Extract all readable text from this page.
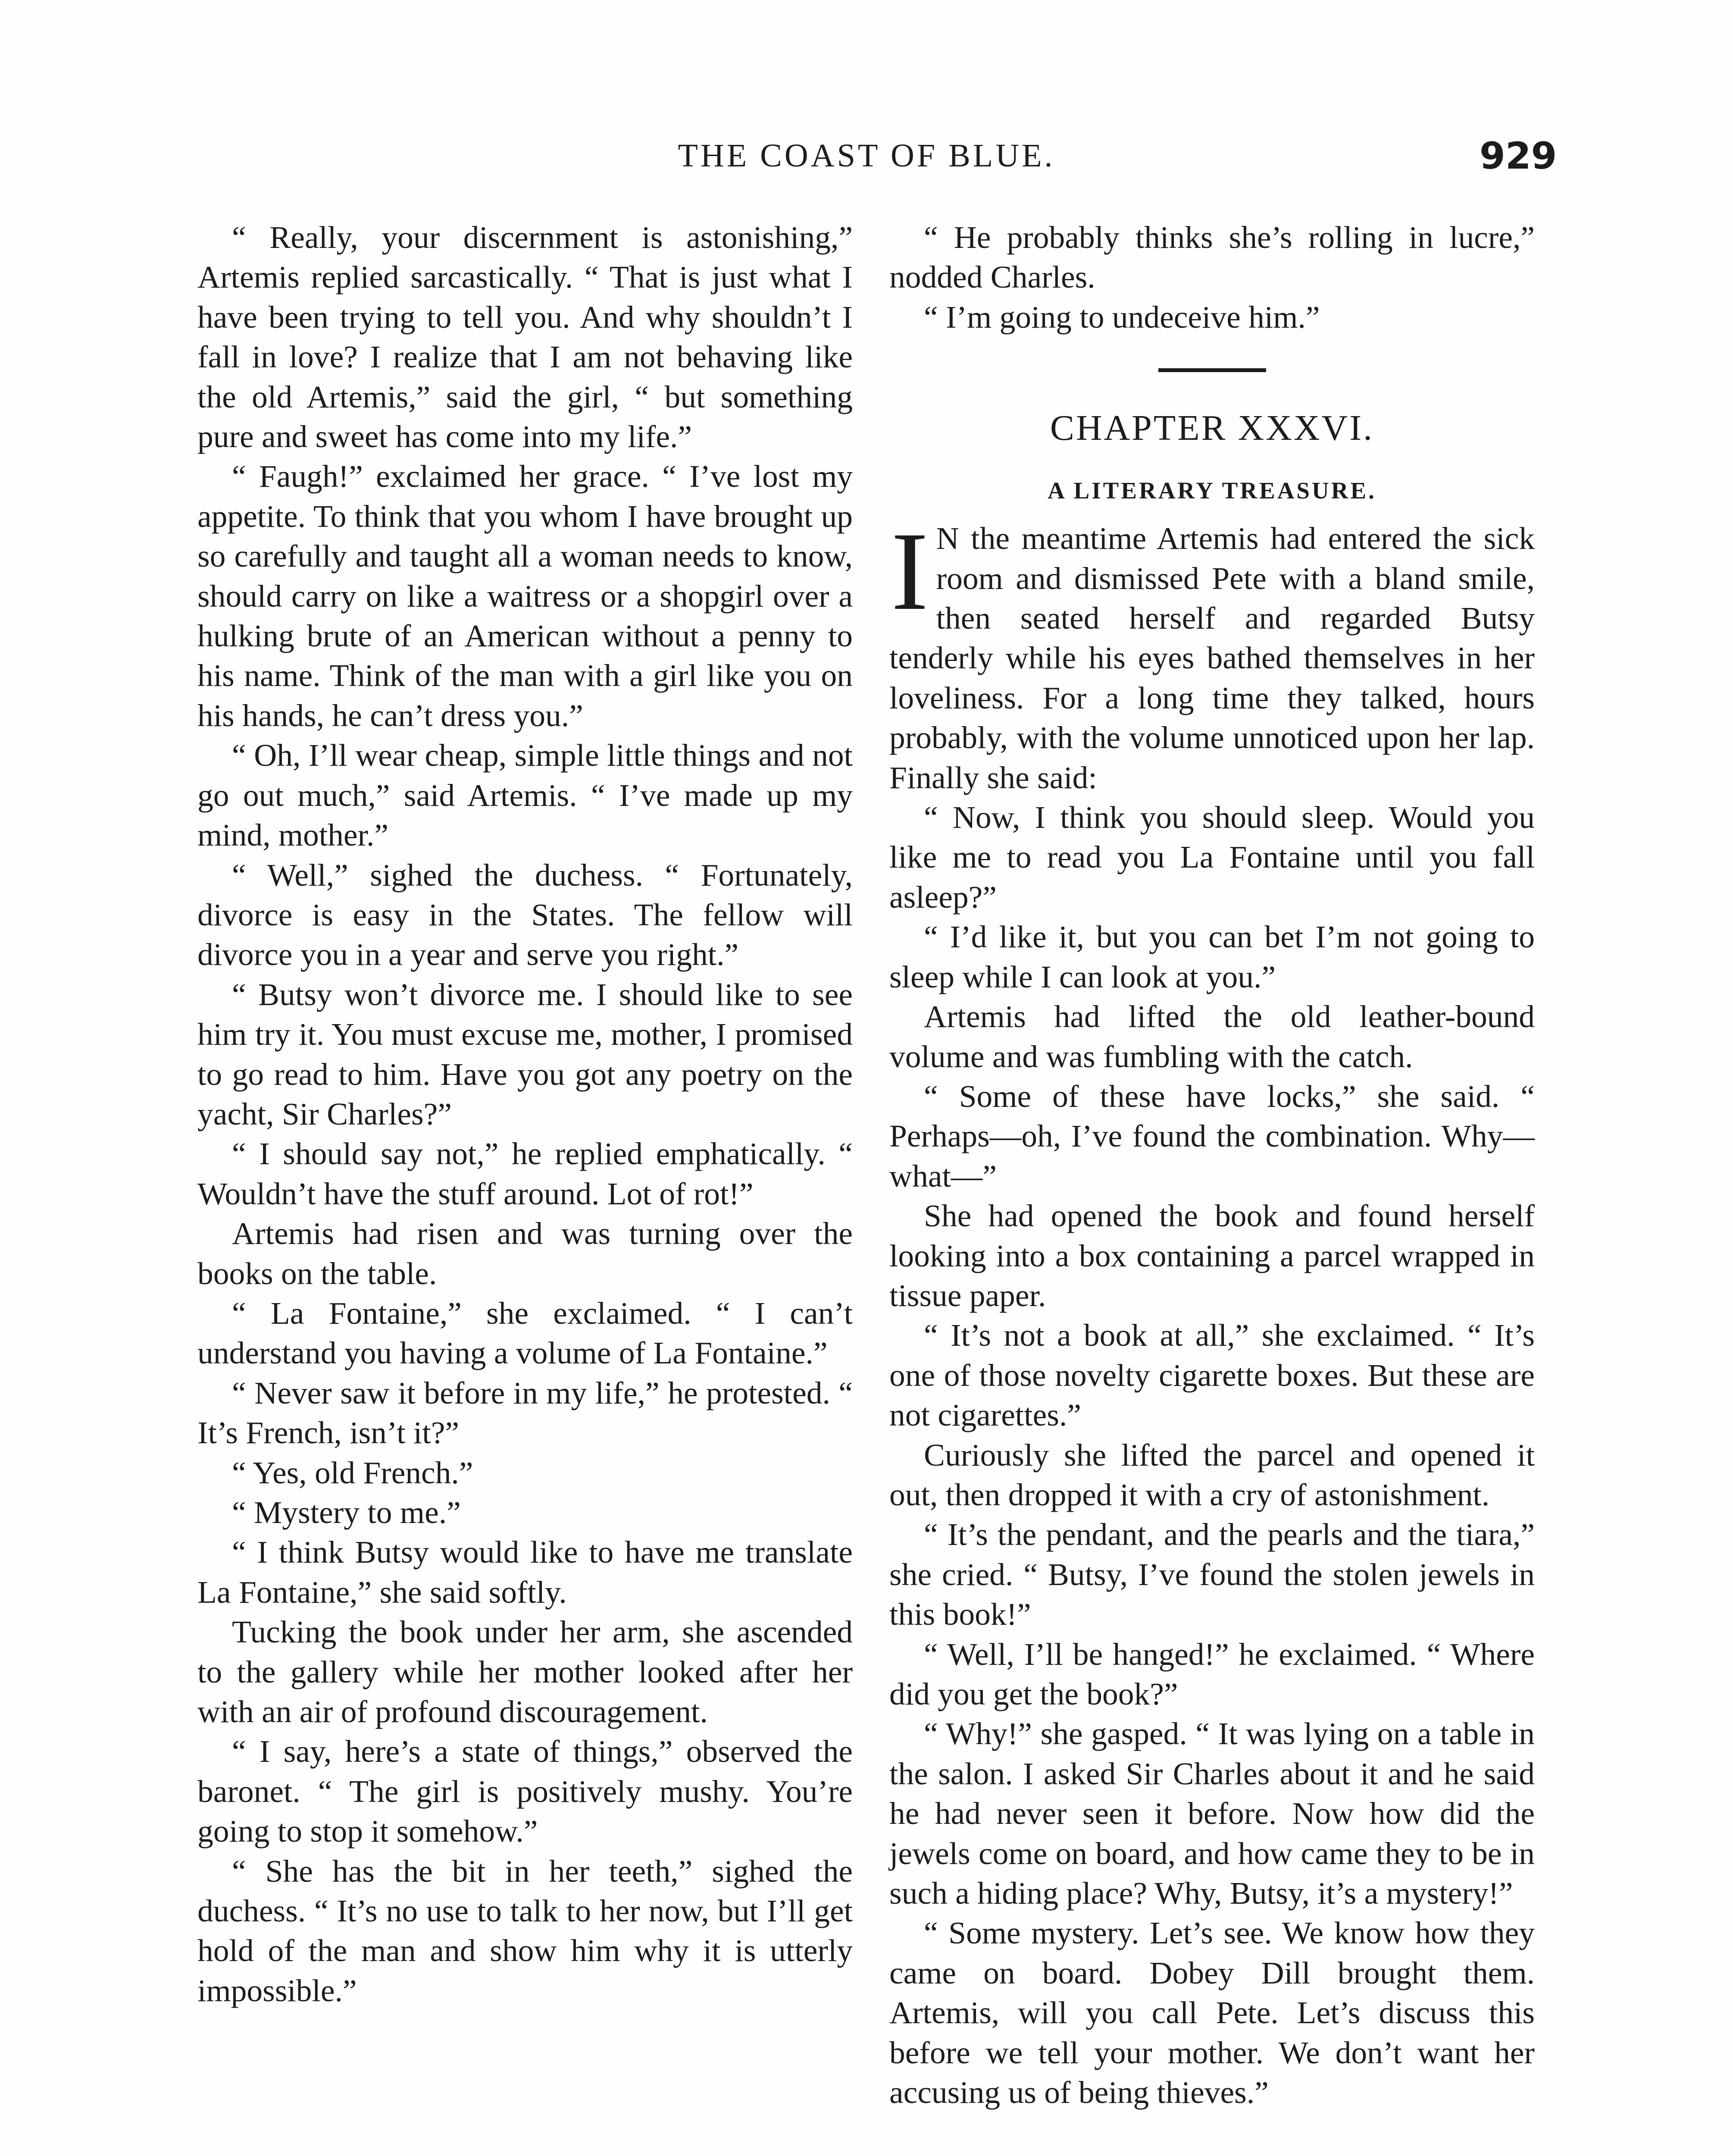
THE COAST OF BLUE.	929

“ Really, your discernment is astonishing,” Artemis replied sarcastically. “ That is just what I have been trying to tell you. And why shouldn’t I fall in love? I realize that I am not behaving like the old Artemis,” said the girl, “ but something pure and sweet has come into my life.”

“ Faugh!” exclaimed her grace. “ I’ve lost my appetite. To think that you whom I have brought up so carefully and taught all a woman needs to know, should carry on like a waitress or a shopgirl over a hulking brute of an American without a penny to his name. Think of the man with a girl like you on his hands, he can’t dress you.”

“ Oh, I’ll wear cheap, simple little things and not go out much,” said Artemis. “ I’ve made up my mind, mother.”

“ Well,” sighed the duchess. “ Fortunately, divorce is easy in the States. The fellow will divorce you in a year and serve you right.”

“ Butsy won’t divorce me. I should like to see him try it. You must excuse me, mother, I promised to go read to him. Have you got any poetry on the yacht, Sir Charles?”

“ I should say not,” he replied emphatically. “ Wouldn’t have the stuff around. Lot of rot!”

Artemis had risen and was turning over the books on the table.

“ La Fontaine,” she exclaimed. “ I can’t understand you having a volume of La Fontaine.”

“ Never saw it before in my life,” he protested. “ It’s French, isn’t it?”

“ Yes, old French.”

“ Mystery to me.”

“ I think Butsy would like to have me translate La Fontaine,” she said softly.

Tucking the book under her arm, she ascended to the gallery while her mother looked after her with an air of profound discouragement.

“ I say, here’s a state of things,” observed the baronet. “ The girl is positively mushy. You’re going to stop it somehow.”

“ She has the bit in her teeth,” sighed the duchess. “ It’s no use to talk to her now, but I’ll get hold of the man and show him why it is utterly impossible.”

“ He probably thinks she’s rolling in lucre,” nodded Charles.

“ I’m going to undeceive him.”

CHAPTER XXXVI.
A LITERARY TREASURE.

I N the meantime Artemis had entered the sick room and dismissed Pete with a bland smile, then seated herself and regarded Butsy tenderly while his eyes bathed themselves in her loveliness. For a long time they talked, hours probably, with the volume unnoticed upon her lap. Finally she said:

“ Now, I think you should sleep. Would you like me to read you La Fontaine until you fall asleep?”

“ I’d like it, but you can bet I’m not going to sleep while I can look at you.”

Artemis had lifted the old leather-bound volume and was fumbling with the catch.

“ Some of these have locks,” she said. “ Perhaps—oh, I’ve found the combination. Why—what—”

She had opened the book and found herself looking into a box containing a parcel wrapped in tissue paper.

“ It’s not a book at all,” she exclaimed. “ It’s one of those novelty cigarette boxes. But these are not cigarettes.”

Curiously she lifted the parcel and opened it out, then dropped it with a cry of astonishment.

“ It’s the pendant, and the pearls and the tiara,” she cried. “ Butsy, I’ve found the stolen jewels in this book!”

“ Well, I’ll be hanged!” he exclaimed. “ Where did you get the book?”

“ Why!” she gasped. “ It was lying on a table in the salon. I asked Sir Charles about it and he said he had never seen it before. Now how did the jewels come on board, and how came they to be in such a hiding place? Why, Butsy, it’s a mystery!”

“ Some mystery. Let’s see. We know how they came on board. Dobey Dill brought them. Artemis, will you call Pete. Let’s discuss this before we tell your mother. We don’t want her accusing us of being thieves.”
